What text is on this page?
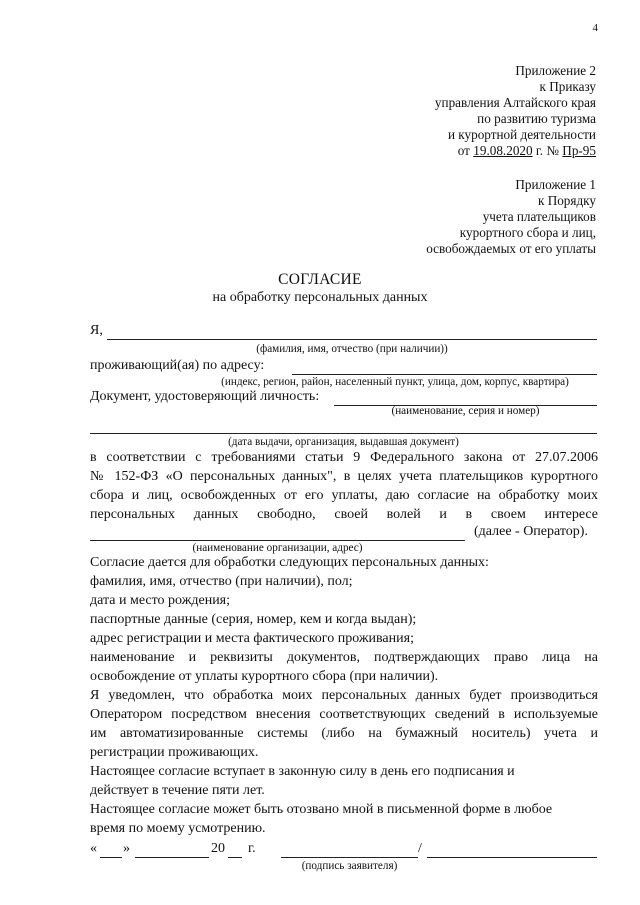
4
Приложение 2
к Приказу
управления Алтайского края
по развитию туризма
и курортной деятельности
от 19.08.2020 г. № Пр-95
Приложение 1
к Порядку
учета плательщиков
курортного сбора и лиц,
освобождаемых от его уплаты
СОГЛАСИЕ
на обработку персональных данных
Я,
(фамилия, имя, отчество (при наличии))
проживающий(ая) по адресу:
(индекс, регион, район, населенный пункт, улица, дом, корпус, квартира)
Документ, удостоверяющий личность:
(наименование, серия и номер)
(дата выдачи, организация, выдавшая документ)
в соответствии с требованиями статьи 9 Федерального закона от 27.07.2006
№ 152-ФЗ «О персональных данных", в целях учета плательщиков курортного
сбора и лиц, освобожденных от его уплаты, даю согласие на обработку моих
персональных данных свободно, своей волей и в своем интересе
(далее - Оператор).
(наименование организации, адрес)
Согласие дается для обработки следующих персональных данных:
фамилия, имя, отчество (при наличии), пол;
дата и место рождения;
паспортные данные (серия, номер, кем и когда выдан);
адрес регистрации и места фактического проживания;
наименование и реквизиты документов, подтверждающих право лица на
освобождение от уплаты курортного сбора (при наличии).
Я уведомлен, что обработка моих персональных данных будет производиться
Оператором посредством внесения соответствующих сведений в используемые
им автоматизированные системы (либо на бумажный носитель) учета и
регистрации проживающих.
Настоящее согласие вступает в законную силу в день его подписания и
действует в течение пяти лет.
Настоящее согласие может быть отозвано мной в письменной форме в любое
время по моему усмотрению.
« »	20 г.	/
(подпись заявителя)
